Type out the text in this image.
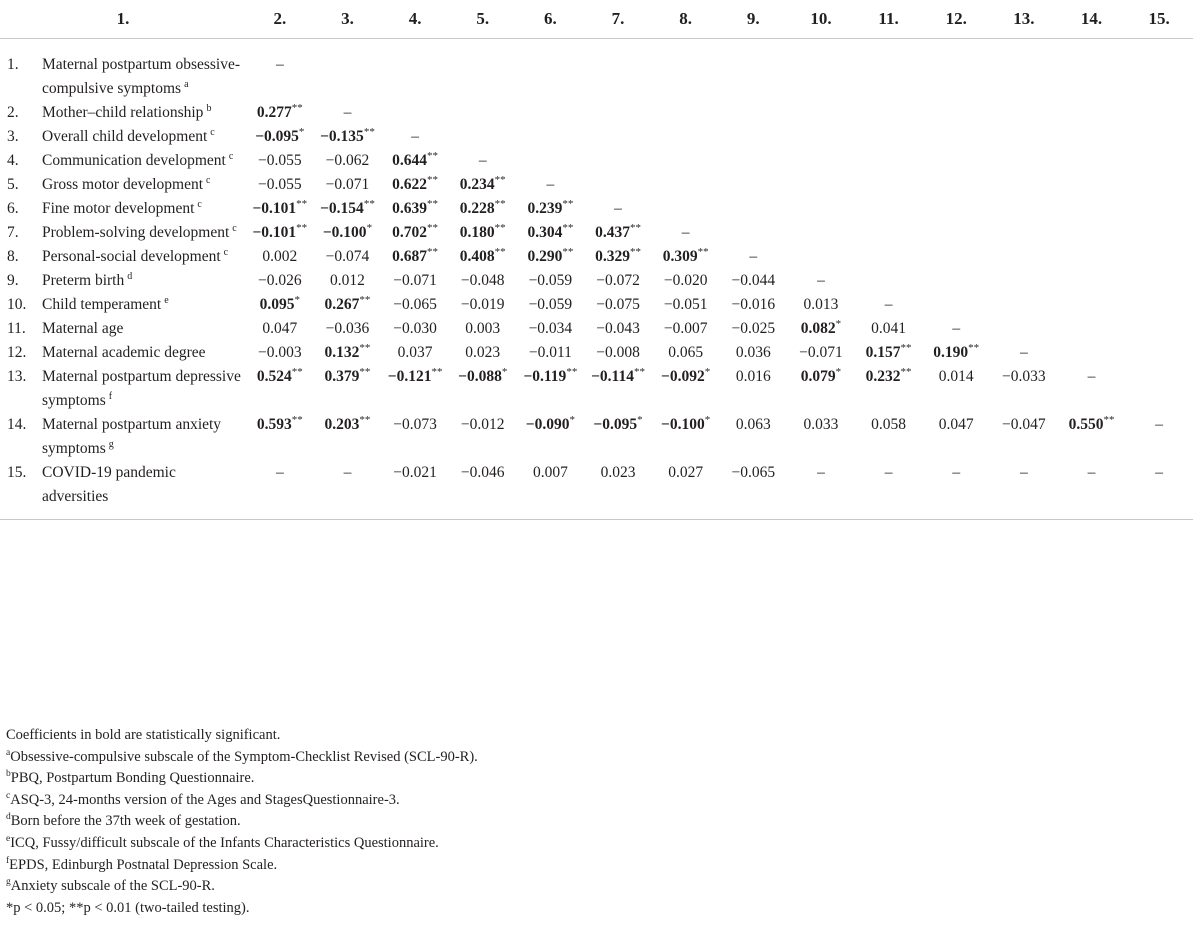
1.	2.	3.	4.	5.	6.	7.	8.	9.	10.	11.	12.	13.	14.	15.

1. Maternal postpartum obsessive-compulsive symptoms $^a$	–													

2. Mother–child relationship $^b$	0.277**	–												

3. Overall child development $^c$	−0.095*	−0.135**	–											

4. Communication development $^c$	−0.055	−0.062	0.644**	–										

5. Gross motor development $^c$	−0.055	−0.071	0.622**	0.234**	–									

6. Fine motor development $^c$	−0.101**	−0.154**	0.639**	0.228**	0.239**	–								

7. Problem-solving development $^c$	−0.101**	−0.100*	0.702**	0.180**	0.304**	0.437**	–							

8. Personal-social development $^c$	0.002	−0.074	0.687**	0.408**	0.290**	0.329**	0.309**	–						

9. Preterm birth $^d$	−0.026	0.012	−0.071	−0.048	−0.059	−0.072	−0.020	−0.044	–					

10. Child temperament $^e$	0.095*	0.267**	−0.065	−0.019	−0.059	−0.075	−0.051	−0.016	0.013	–				

11. Maternal age	0.047	−0.036	−0.030	0.003	−0.034	−0.043	−0.007	−0.025	0.082*	0.041	–			

12. Maternal academic degree	−0.003	0.132**	0.037	0.023	−0.011	−0.008	0.065	0.036	−0.071	0.157**	0.190**	–		

13. Maternal postpartum depressive symptoms $^f$	0.524**	0.379**	−0.121**	−0.088*	−0.119**	−0.114**	−0.092*	0.016	0.079*	0.232**	0.014	−0.033	–	

14. Maternal postpartum anxiety symptoms $^g$	0.593**	0.203**	−0.073	−0.012	−0.090*	−0.095*	−0.100*	0.063	0.033	0.058	0.047	−0.047	0.550**	–

15. COVID-19 pandemic adversities	–	–	−0.021	−0.046	0.007	0.023	0.027	−0.065	–	–	–	–	–	–
Coefficients in bold are statistically significant.
$^a$Obsessive-compulsive subscale of the Symptom-Checklist Revised (SCL-90-R).
$^b$PBQ, Postpartum Bonding Questionnaire.
$^c$ASQ-3, 24-months version of the Ages and StagesQuestionnaire-3.
$^d$Born before the 37th week of gestation.
$^e$ICQ, Fussy/difficult subscale of the Infants Characteristics Questionnaire.
$^f$EPDS, Edinburgh Postnatal Depression Scale.
$^g$Anxiety subscale of the SCL-90-R.
*p < 0.05; **p < 0.01 (two-tailed testing).
